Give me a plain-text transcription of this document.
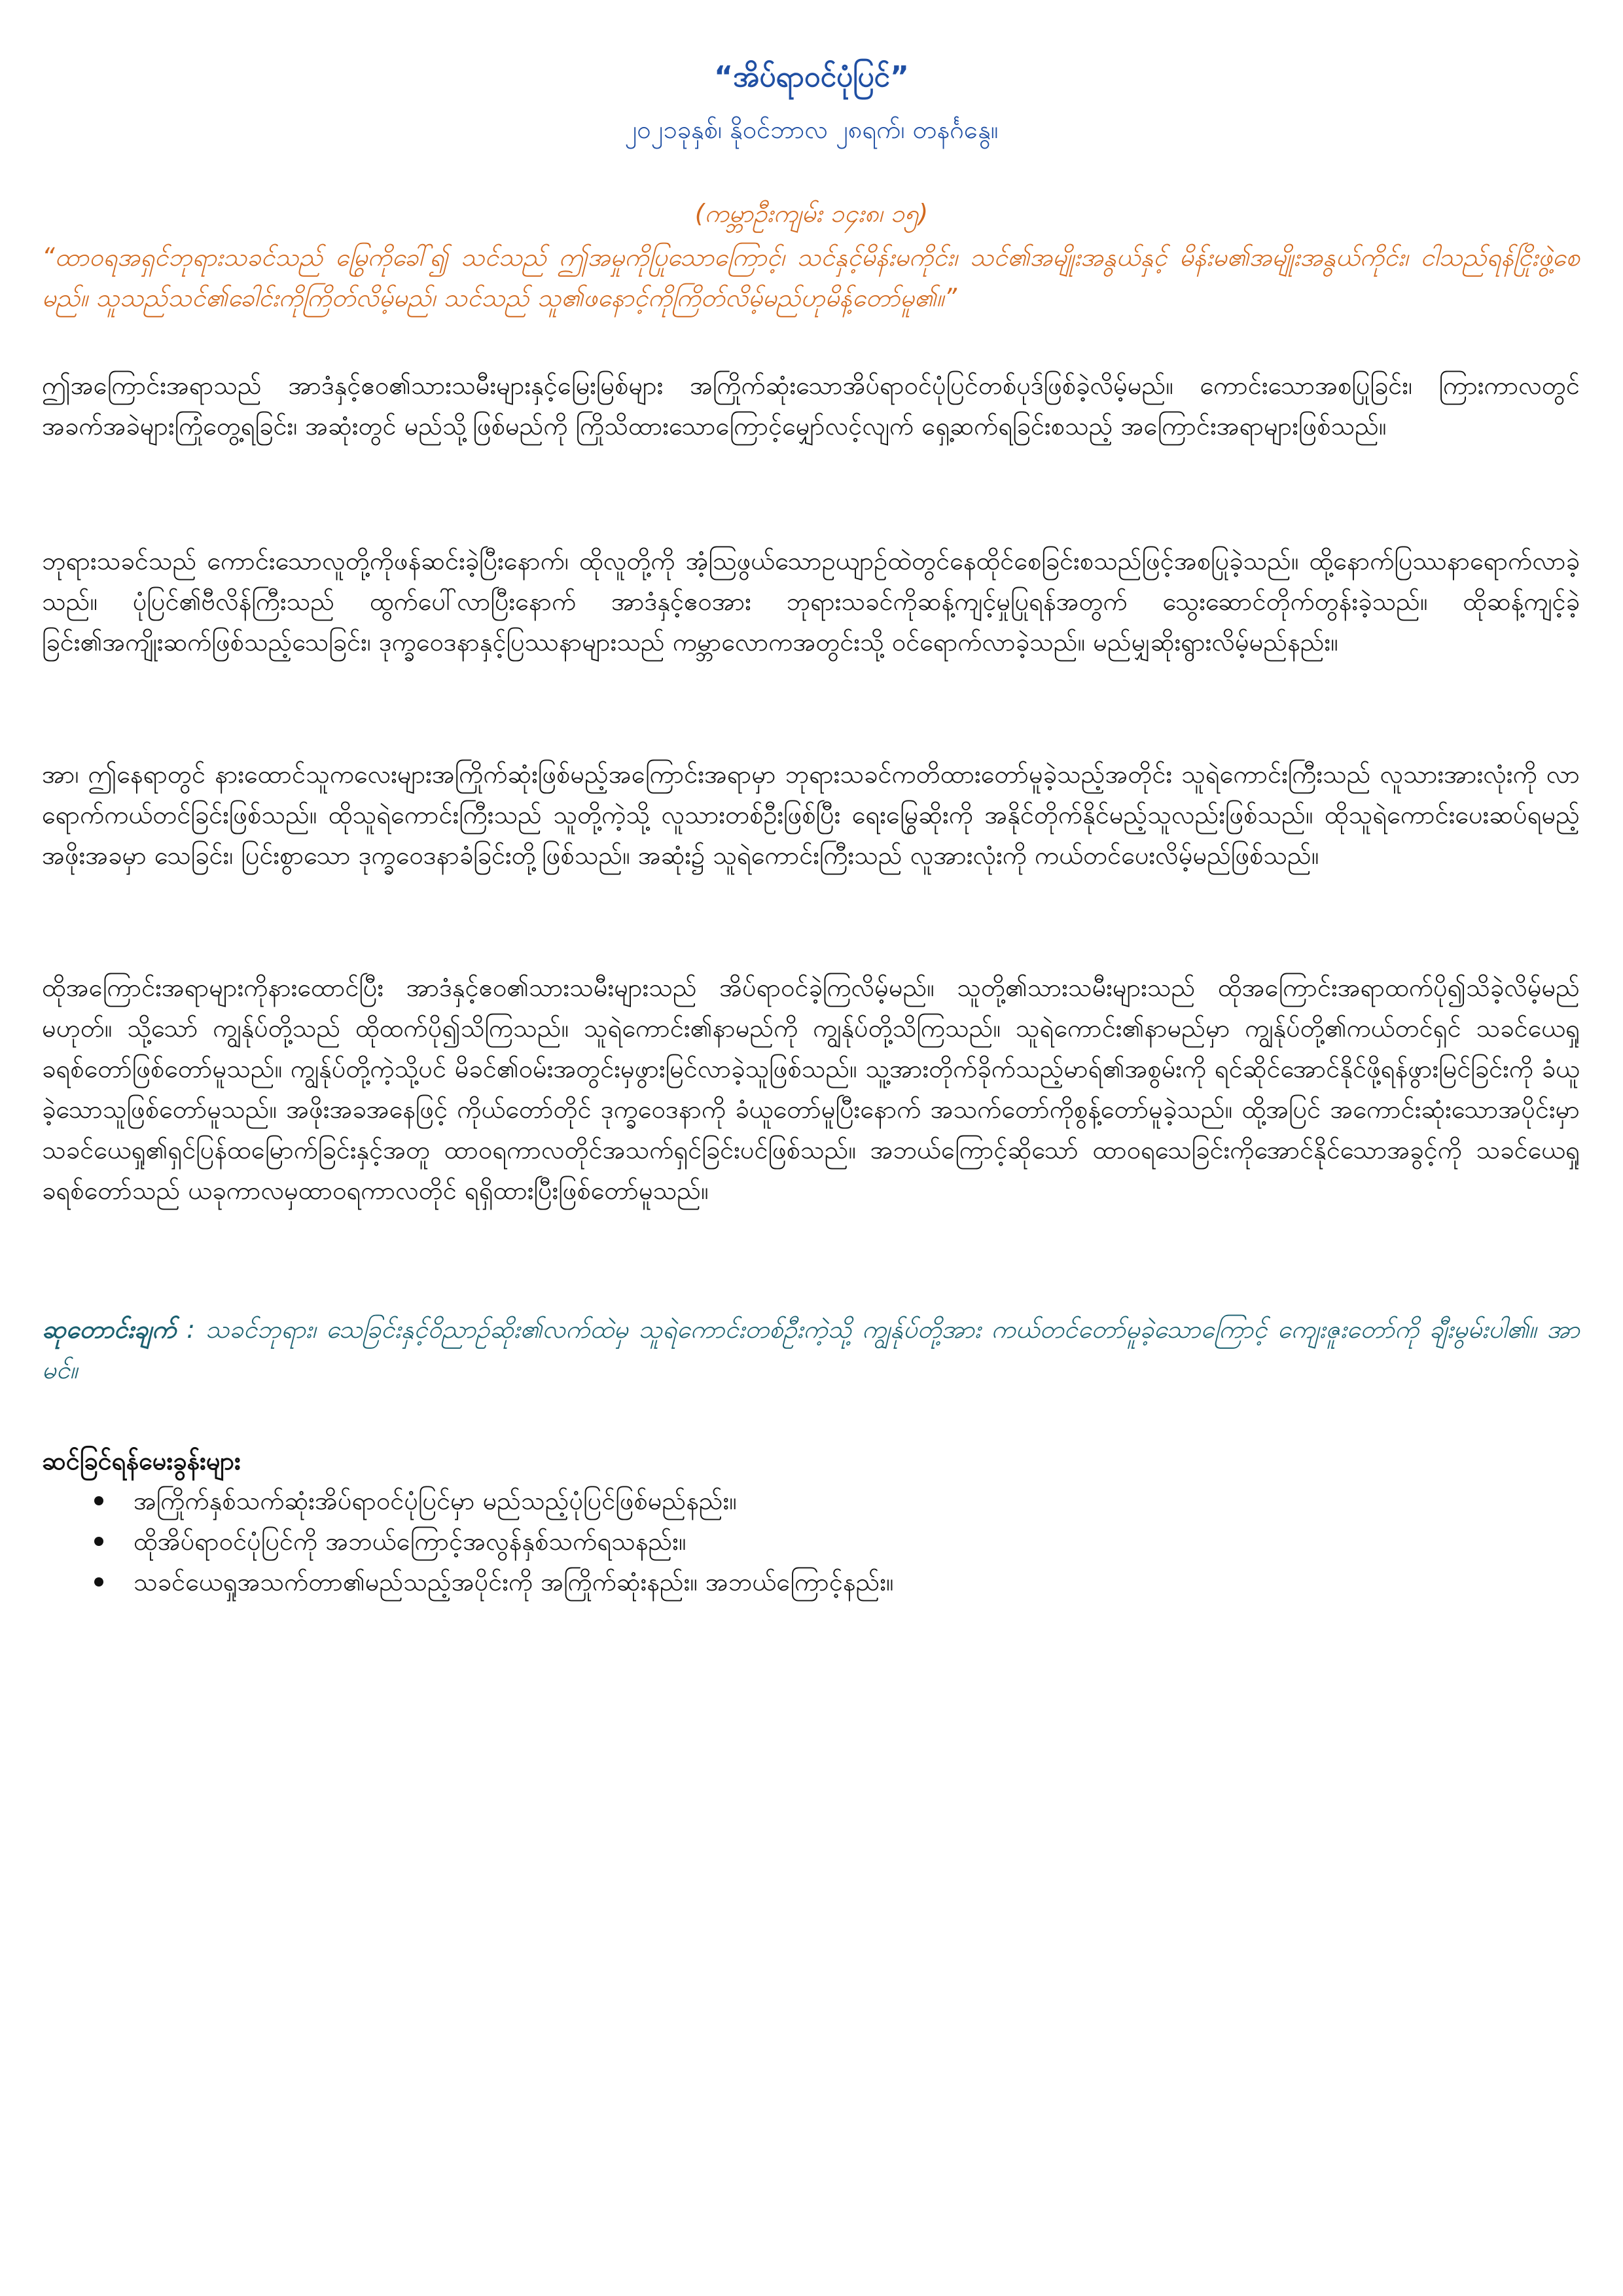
“အိပ်ရာဝင်ပုံပြင်”
၂၀၂၁ခုနှစ်၊ နိုဝင်ဘာလ ၂၈ရက်၊ တနင်္ဂနွေ။
(ကမ္ဘာဦးကျမ်း ၁၄း၈၊ ၁၅)
“ထာဝရအရှင်ဘုရားသခင်သည် မြွေကိုခေါ်၍ သင်သည် ဤအမှုကိုပြုသောကြောင့်၊ သင်နှင့်မိန်းမကိုင်း၊ သင်၏အမျိုးအနွယ်နှင့် မိန်းမ၏အမျိုးအနွယ်ကိုင်း၊ ငါသည်ရန်ငြိုးဖွဲ့စေမည်။ သူသည်သင်၏ခေါင်းကိုကြိတ်လိမ့်မည်၊ သင်သည် သူ၏ဖနောင့်ကိုကြိတ်လိမ့်မည်ဟုမိန့်တော်မူ၏။”
ဤအကြောင်းအရာသည် အာဒံနှင့်ဧဝ၏သားသမီးများနှင့်မြေးမြစ်များ အကြိုက်ဆုံးသောအိပ်ရာဝင်ပုံပြင်တစ်ပုဒ်ဖြစ်ခဲ့လိမ့်မည်။ ကောင်းသောအစပြုခြင်း၊ ကြားကာလတွင် အခက်အခဲများကြုံတွေ့ရခြင်း၊ အဆုံးတွင် မည်သို့ဖြစ်မည်ကို ကြိုသိထားသောကြောင့်မျှော်လင့်လျက် ရှေ့ဆက်ရခြင်းစသည့် အကြောင်းအရာများဖြစ်သည်။
ဘုရားသခင်သည် ကောင်းသောလူတို့ကိုဖန်ဆင်းခဲ့ပြီးနောက်၊ ထိုလူတို့ကို အံ့သြဖွယ်သောဥယျာဉ်ထဲတွင်နေထိုင်စေခြင်းစသည်ဖြင့်အစပြုခဲ့သည်။ ထို့နောက်ပြဿနာရောက်လာခဲ့သည်။ ပုံပြင်၏ဗီလိန်ကြီးသည် ထွက်ပေါ်လာပြီးနောက် အာဒံနှင့်ဧဝအား ဘုရားသခင်ကိုဆန့်ကျင့်မှုပြုရန်အတွက် သွေးဆောင်တိုက်တွန်းခဲ့သည်။ ထိုဆန့်ကျင့်ခဲ့ခြင်း၏အကျိုးဆက်ဖြစ်သည့်သေခြင်း၊ ဒုက္ခဝေဒနာနှင့်ပြဿနာများသည် ကမ္ဘာလောကအတွင်းသို့ ဝင်ရောက်လာခဲ့သည်။ မည်မျှဆိုးရွားလိမ့်မည်နည်း။
အာ၊ ဤနေရာတွင် နားထောင်သူကလေးများအကြိုက်ဆုံးဖြစ်မည့်အကြောင်းအရာမှာ ဘုရားသခင်ကတိထားတော်မူခဲ့သည့်အတိုင်း သူရဲကောင်းကြီးသည် လူသားအားလုံးကို လာရောက်ကယ်တင်ခြင်းဖြစ်သည်။ ထိုသူရဲကောင်းကြီးသည် သူတို့ကဲ့သို့ လူသားတစ်ဦးဖြစ်ပြီး ရေးမြွေဆိုးကို အနိုင်တိုက်နိုင်မည့်သူလည်းဖြစ်သည်။ ထိုသူရဲကောင်းပေးဆပ်ရမည့်အဖိုးအခမှာ သေခြင်း၊ ပြင်းစွာသော ဒုက္ခဝေဒနာခံခြင်းတို့ဖြစ်သည်။ အဆုံး၌ သူရဲကောင်းကြီးသည် လူအားလုံးကို ကယ်တင်ပေးလိမ့်မည်ဖြစ်သည်။
ထိုအကြောင်းအရာများကိုနားထောင်ပြီး အာဒံနှင့်ဧဝ၏သားသမီးများသည် အိပ်ရာဝင်ခဲ့ကြလိမ့်မည်။ သူတို့၏သားသမီးများသည် ထိုအကြောင်းအရာထက်ပို၍သိခဲ့လိမ့်မည်မဟုတ်။ သို့သော် ကျွန်ုပ်တို့သည် ထိုထက်ပို၍သိကြသည်။ သူရဲကောင်း၏နာမည်ကို ကျွန်ုပ်တို့သိကြသည်။ သူရဲကောင်း၏နာမည်မှာ ကျွန်ုပ်တို့၏ကယ်တင်ရှင် သခင်ယေရှုခရစ်တော်ဖြစ်တော်မူသည်။ ကျွန်ုပ်တို့ကဲ့သို့ပင် မိခင်၏ဝမ်းအတွင်းမှဖွားမြင်လာခဲ့သူဖြစ်သည်။ သူ့အားတိုက်ခိုက်သည့်မာရ်၏အစွမ်းကို ရင်ဆိုင်အောင်နိုင်ဖို့ရန်ဖွားမြင်ခြင်းကို ခံယူခဲ့သောသူဖြစ်တော်မူသည်။ အဖိုးအခအနေဖြင့် ကိုယ်တော်တိုင် ဒုက္ခဝေဒနာကို ခံယူတော်မူပြီးနောက် အသက်တော်ကိုစွန့်တော်မူခဲ့သည်။ ထို့အပြင် အကောင်းဆုံးသောအပိုင်းမှာ သခင်ယေရှု၏ရှင်ပြန်ထမြောက်ခြင်းနှင့်အတူ ထာဝရကာလတိုင်အသက်ရှင်ခြင်းပင်ဖြစ်သည်။ အဘယ်ကြောင့်ဆိုသော် ထာဝရသေခြင်းကိုအောင်နိုင်သောအခွင့်ကို သခင်ယေရှုခရစ်တော်သည် ယခုကာလမှထာဝရကာလတိုင် ရရှိထားပြီးဖြစ်တော်မူသည်။
ဆုတောင်းချက် : သခင်ဘုရား၊ သေခြင်းနှင့်ဝိညာဉ်ဆိုး၏လက်ထဲမှ သူရဲကောင်းတစ်ဦးကဲ့သို့ ကျွန်ုပ်တို့အား ကယ်တင်တော်မူခဲ့သောကြောင့် ကျေးဇူးတော်ကို ချီးမွမ်းပါ၏။ အာမင်။
ဆင်ခြင်ရန်မေးခွန်းများ
အကြိုက်နှစ်သက်ဆုံးအိပ်ရာဝင်ပုံပြင်မှာ မည်သည့်ပုံပြင်ဖြစ်မည်နည်း။
ထိုအိပ်ရာဝင်ပုံပြင်ကို အဘယ်ကြောင့်အလွန်နှစ်သက်ရသနည်း။
သခင်ယေရှုအသက်တာ၏မည်သည့်အပိုင်းကို အကြိုက်ဆုံးနည်း။ အဘယ်ကြောင့်နည်း။
